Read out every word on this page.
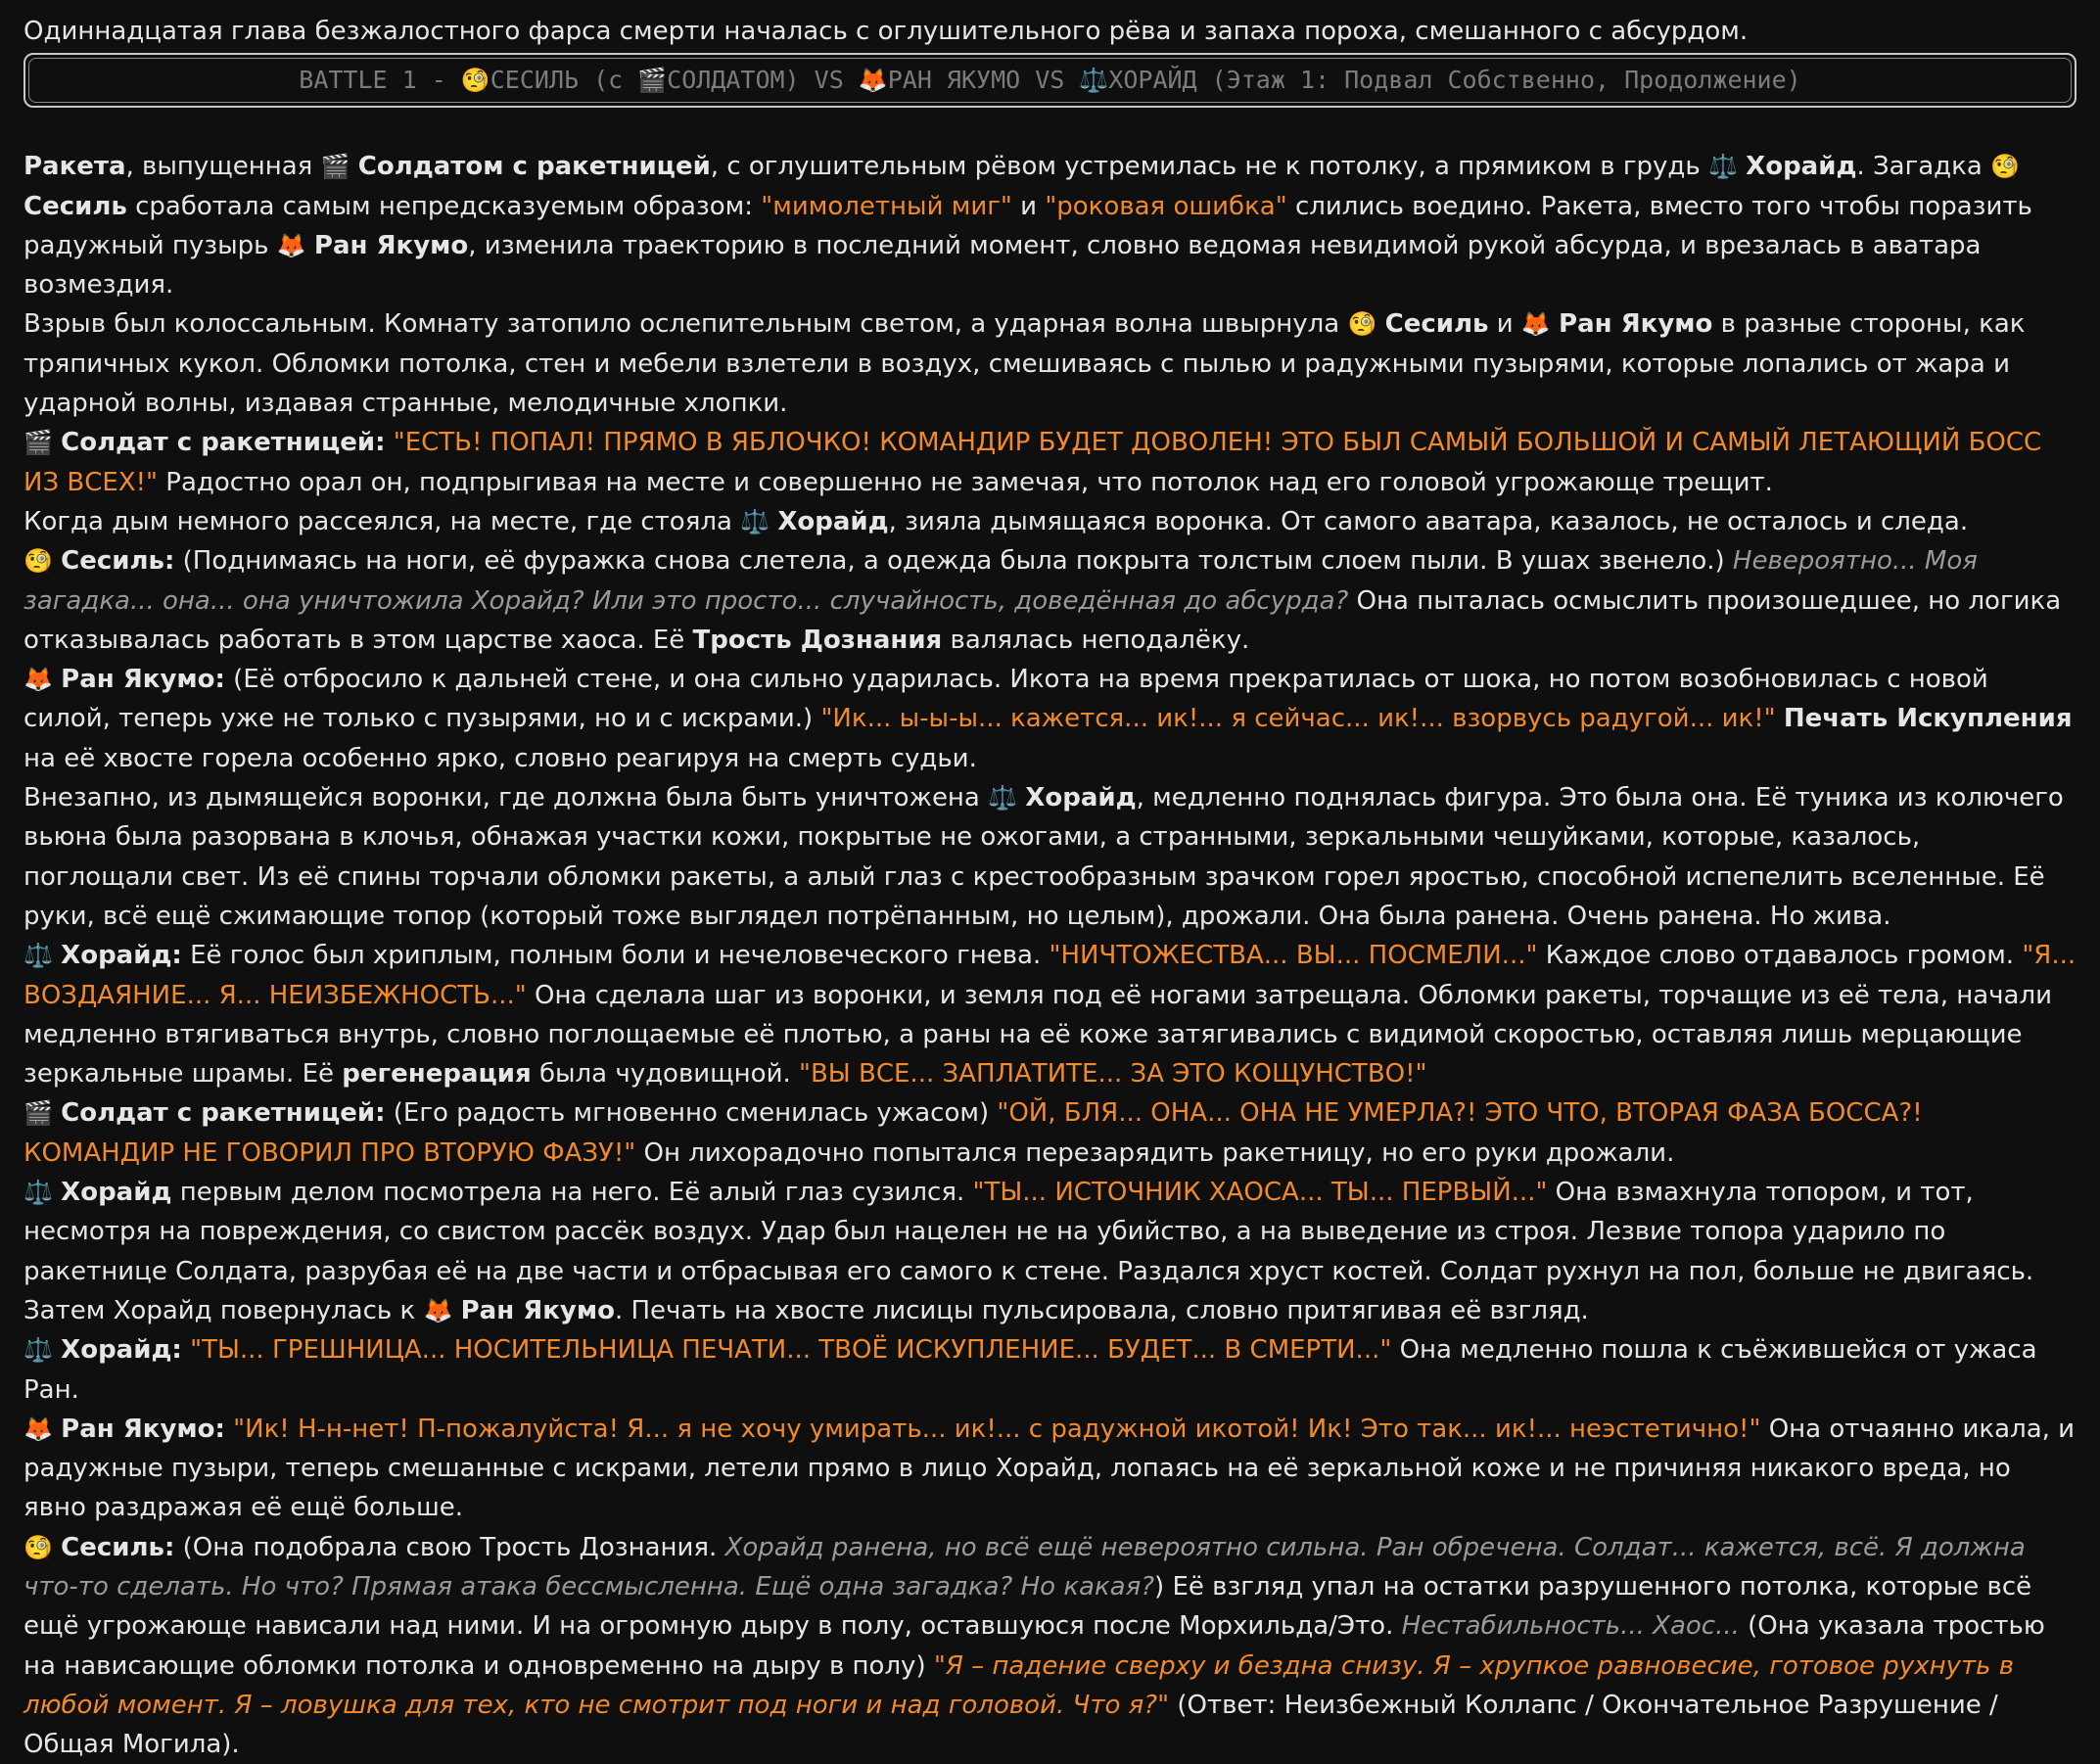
Одиннадцатая глава безжалостного фарса смерти началась с оглушительного рёва и запаха пороха, смешанного с абсурдом.

BATTLE 1 - 🧐СЕСИЛЬ (с 🎬СОЛДАТОМ) VS 🦊РАН ЯКУМО VS ⚖️ХОРАЙД (Этаж 1: Подвал Собственно, Продолжение)

Ракета, выпущенная 🎬 Солдатом с ракетницей, с оглушительным рёвом устремилась не к потолку, а прямиком в грудь ⚖️ Хорайд. Загадка 🧐 Сесиль сработала самым непредсказуемым образом: "мимолетный миг" и "роковая ошибка" слились воедино. Ракета, вместо того чтобы поразить радужный пузырь 🦊 Ран Якумо, изменила траекторию в последний момент, словно ведомая невидимой рукой абсурда, и врезалась в аватара возмездия.

Взрыв был колоссальным. Комнату затопило ослепительным светом, а ударная волна швырнула 🧐 Сесиль и 🦊 Ран Якумо в разные стороны, как тряпичных кукол. Обломки потолка, стен и мебели взлетели в воздух, смешиваясь с пылью и радужными пузырями, которые лопались от жара и ударной волны, издавая странные, мелодичные хлопки.

🎬 Солдат с ракетницей: "ЕСТЬ! ПОПАЛ! ПРЯМО В ЯБЛОЧКО! КОМАНДИР БУДЕТ ДОВОЛЕН! ЭТО БЫЛ САМЫЙ БОЛЬШОЙ И САМЫЙ ЛЕТАЮЩИЙ БОСС ИЗ ВСЕХ!" Радостно орал он, подпрыгивая на месте и совершенно не замечая, что потолок над его головой угрожающе трещит.

Когда дым немного рассеялся, на месте, где стояла ⚖️ Хорайд, зияла дымящаяся воронка. От самого аватара, казалось, не осталось и следа.

🧐 Сесиль: (Поднимаясь на ноги, её фуражка снова слетела, а одежда была покрыта толстым слоем пыли. В ушах звенело.) Невероятно... Моя загадка... она... она уничтожила Хорайд? Или это просто... случайность, доведённая до абсурда? Она пыталась осмыслить произошедшее, но логика отказывалась работать в этом царстве хаоса. Её Трость Дознания валялась неподалёку.

🦊 Ран Якумо: (Её отбросило к дальней стене, и она сильно ударилась. Икота на время прекратилась от шока, но потом возобновилась с новой силой, теперь уже не только с пузырями, но и с искрами.) "Ик... ы-ы-ы... кажется... ик!... я сейчас... ик!... взорвусь радугой... ик!" Печать Искупления на её хвосте горела особенно ярко, словно реагируя на смерть судьи.

Внезапно, из дымящейся воронки, где должна была быть уничтожена ⚖️ Хорайд, медленно поднялась фигура. Это была она. Её туника из колючего вьюна была разорвана в клочья, обнажая участки кожи, покрытые не ожогами, а странными, зеркальными чешуйками, которые, казалось, поглощали свет. Из её спины торчали обломки ракеты, а алый глаз с крестообразным зрачком горел яростью, способной испепелить вселенные. Её руки, всё ещё сжимающие топор (который тоже выглядел потрёпанным, но целым), дрожали. Она была ранена. Очень ранена. Но жива.

⚖️ Хорайд: Её голос был хриплым, полным боли и нечеловеческого гнева. "НИЧТОЖЕСТВА... ВЫ... ПОСМЕЛИ..." Каждое слово отдавалось громом. "Я... ВОЗДАЯНИЕ... Я... НЕИЗБЕЖНОСТЬ..." Она сделала шаг из воронки, и земля под её ногами затрещала. Обломки ракеты, торчащие из её тела, начали медленно втягиваться внутрь, словно поглощаемые её плотью, а раны на её коже затягивались с видимой скоростью, оставляя лишь мерцающие зеркальные шрамы. Её регенерация была чудовищной. "ВЫ ВСЕ... ЗАПЛАТИТЕ... ЗА ЭТО КОЩУНСТВО!"

🎬 Солдат с ракетницей: (Его радость мгновенно сменилась ужасом) "ОЙ, БЛЯ... ОНА... ОНА НЕ УМЕРЛА?! ЭТО ЧТО, ВТОРАЯ ФАЗА БОССА?! КОМАНДИР НЕ ГОВОРИЛ ПРО ВТОРУЮ ФАЗУ!" Он лихорадочно попытался перезарядить ракетницу, но его руки дрожали.

⚖️ Хорайд первым делом посмотрела на него. Её алый глаз сузился. "ТЫ... ИСТОЧНИК ХАОСА... ТЫ... ПЕРВЫЙ..." Она взмахнула топором, и тот, несмотря на повреждения, со свистом рассёк воздух. Удар был нацелен не на убийство, а на выведение из строя. Лезвие топора ударило по ракетнице Солдата, разрубая её на две части и отбрасывая его самого к стене. Раздался хруст костей. Солдат рухнул на пол, больше не двигаясь.

Затем Хорайд повернулась к 🦊 Ран Якумо. Печать на хвосте лисицы пульсировала, словно притягивая её взгляд.

⚖️ Хорайд: "ТЫ... ГРЕШНИЦА... НОСИТЕЛЬНИЦА ПЕЧАТИ... ТВОЁ ИСКУПЛЕНИЕ... БУДЕТ... В СМЕРТИ..." Она медленно пошла к съёжившейся от ужаса Ран.

🦊 Ран Якумо: "Ик! Н-н-нет! П-пожалуйста! Я... я не хочу умирать... ик!... с радужной икотой! Ик! Это так... ик!... неэстетично!" Она отчаянно икала, и радужные пузыри, теперь смешанные с искрами, летели прямо в лицо Хорайд, лопаясь на её зеркальной коже и не причиняя никакого вреда, но явно раздражая её ещё больше.

🧐 Сесиль: (Она подобрала свою Трость Дознания. Хорайд ранена, но всё ещё невероятно сильна. Ран обречена. Солдат... кажется, всё. Я должна что-то сделать. Но что? Прямая атака бессмысленна. Ещё одна загадка? Но какая?) Её взгляд упал на остатки разрушенного потолка, которые всё ещё угрожающе нависали над ними. И на огромную дыру в полу, оставшуюся после Морхильда/Это. Нестабильность... Хаос... (Она указала тростью на нависающие обломки потолка и одновременно на дыру в полу) "Я – падение сверху и бездна снизу. Я – хрупкое равновесие, готовое рухнуть в любой момент. Я – ловушка для тех, кто не смотрит под ноги и над головой. Что я?" (Ответ: Неизбежный Коллапс / Окончательное Разрушение / Общая Могила).
